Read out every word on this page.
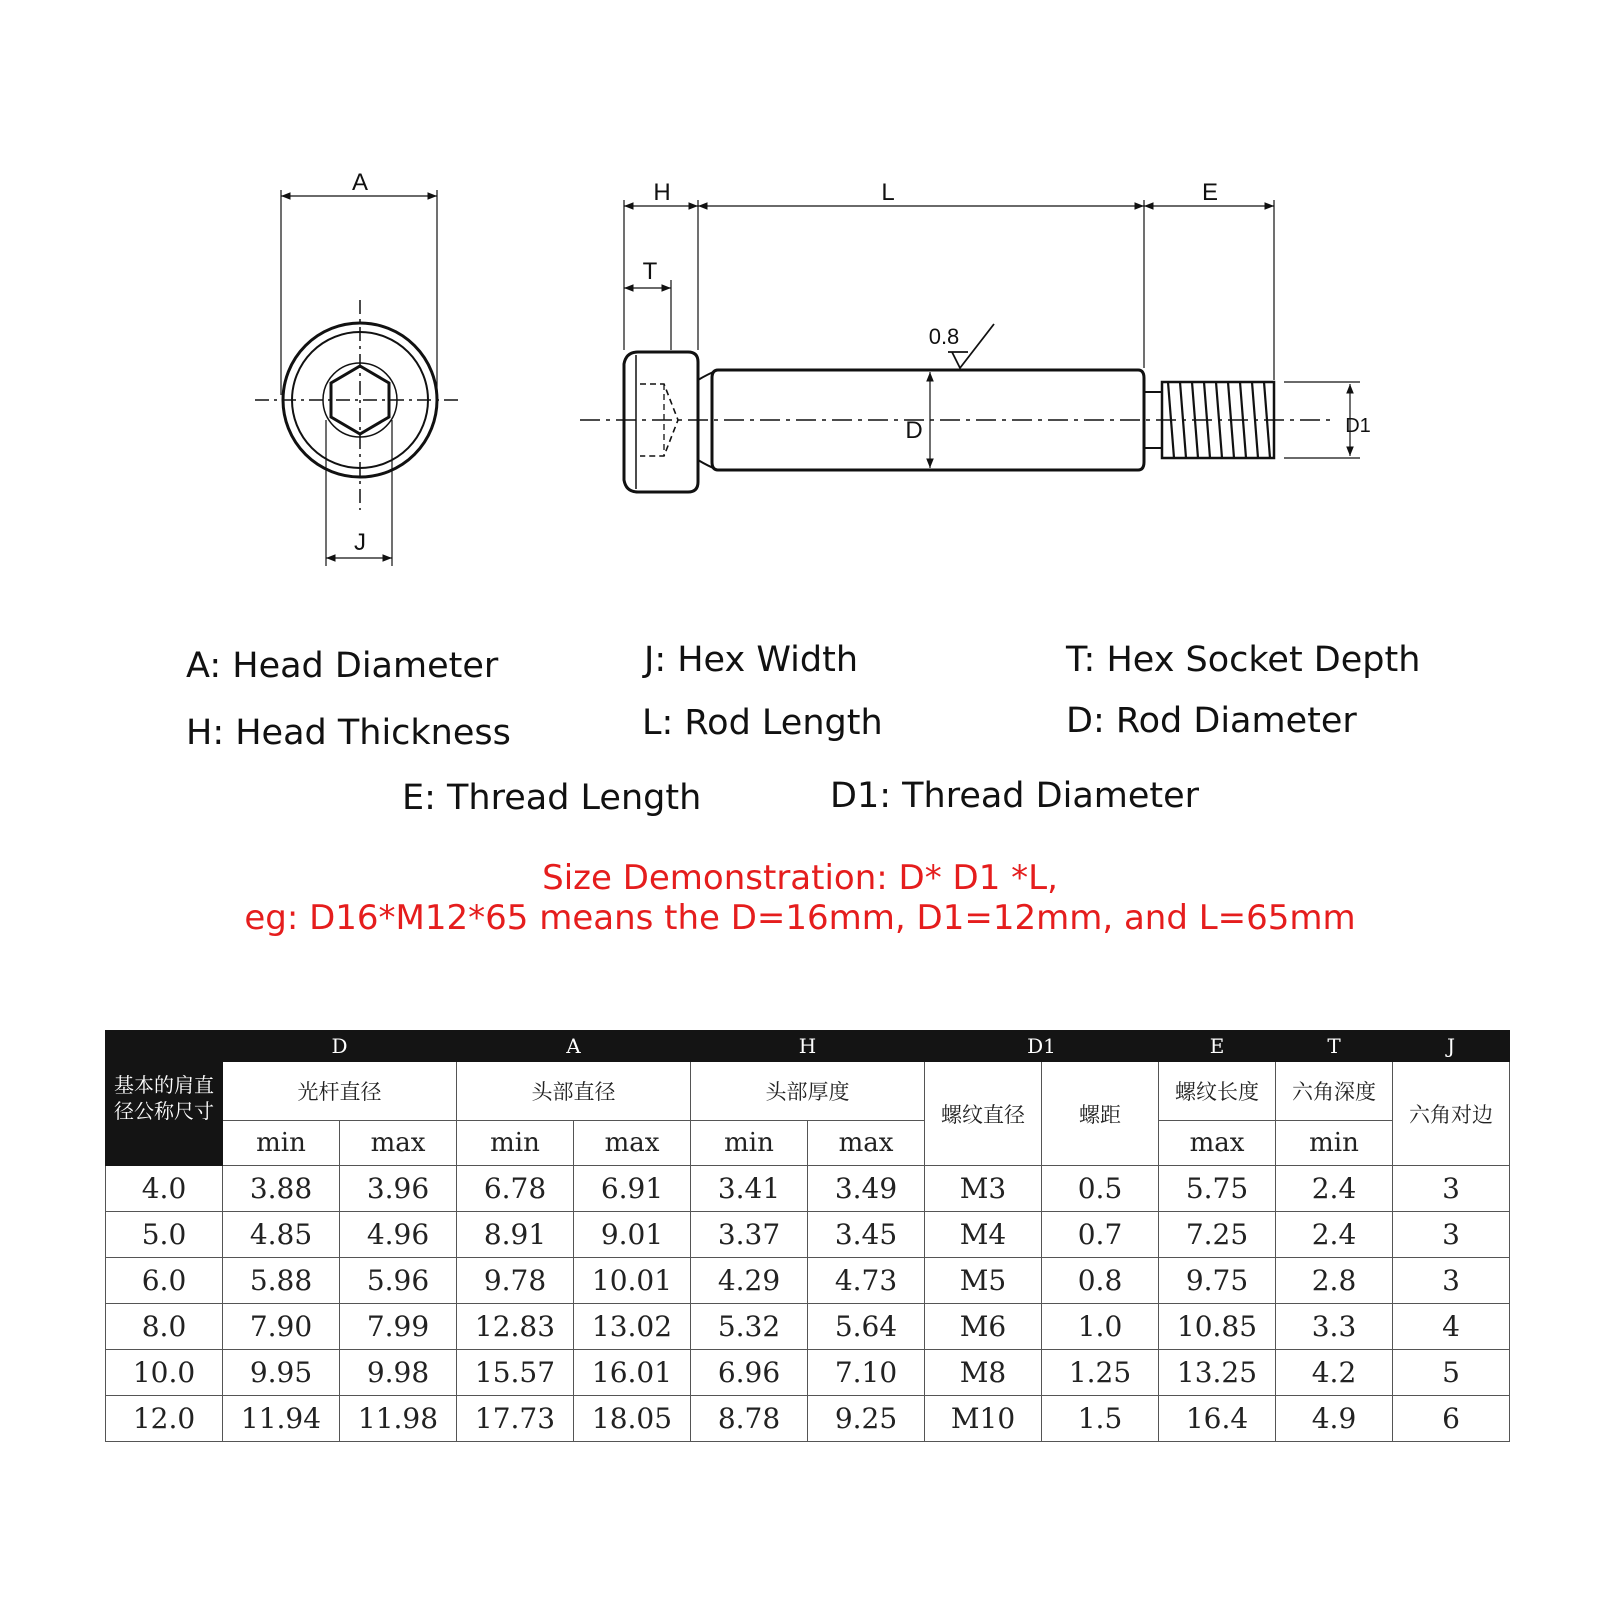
A
J
H
T
L	E
D	D1
0.8
A: Head Diameter	J: Hex Width	T: Hex Socket Depth
H: Head Thickness	L: Rod Length	D: Rod Diameter
E: Thread Length	D1: Thread Diameter
Size Demonstration: D* D1 *L,
eg: D16*M12*65 means the D=16mm, D1=12mm, and L=65mm
基本的肩直
径公称尺寸	D		A		H		D1		E	T	J
	光杆直径		头部直径		头部厚度		螺纹直径	螺距	螺纹长度	六角深度	六角对边
	min	max	min	max	min	max			max	min	
4.0	3.88	3.96	6.78	6.91	3.41	3.49	M3	0.5	5.75	2.4	3
5.0	4.85	4.96	8.91	9.01	3.37	3.45	M4	0.7	7.25	2.4	3
6.0	5.88	5.96	9.78	10.01	4.29	4.73	M5	0.8	9.75	2.8	3
8.0	7.90	7.99	12.83	13.02	5.32	5.64	M6	1.0	10.85	3.3	4
10.0	9.95	9.98	15.57	16.01	6.96	7.10	M8	1.25	13.25	4.2	5
12.0	11.94	11.98	17.73	18.05	8.78	9.25	M10	1.5	16.4	4.9	6
